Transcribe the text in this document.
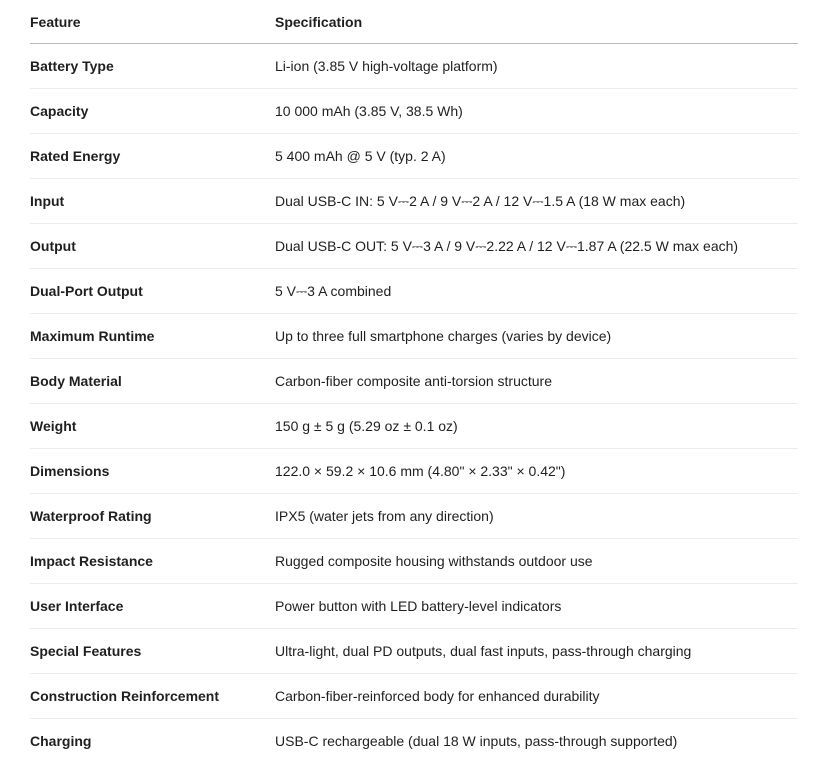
Feature	Specification
Battery Type	Li-ion (3.85 V high-voltage platform)
Capacity	10 000 mAh (3.85 V, 38.5 Wh)
Rated Energy	5 400 mAh @ 5 V (typ. 2 A)
Input	Dual USB-C IN: 5 V⎓2 A / 9 V⎓2 A / 12 V⎓1.5 A (18 W max each)
Output	Dual USB-C OUT: 5 V⎓3 A / 9 V⎓2.22 A / 12 V⎓1.87 A (22.5 W max each)
Dual-Port Output	5 V⎓3 A combined
Maximum Runtime	Up to three full smartphone charges (varies by device)
Body Material	Carbon-fiber composite anti-torsion structure
Weight	150 g ± 5 g (5.29 oz ± 0.1 oz)
Dimensions	122.0 × 59.2 × 10.6 mm (4.80" × 2.33" × 0.42")
Waterproof Rating	IPX5 (water jets from any direction)
Impact Resistance	Rugged composite housing withstands outdoor use
User Interface	Power button with LED battery-level indicators
Special Features	Ultra-light, dual PD outputs, dual fast inputs, pass-through charging
Construction Reinforcement	Carbon-fiber-reinforced body for enhanced durability
Charging	USB-C rechargeable (dual 18 W inputs, pass-through supported)
